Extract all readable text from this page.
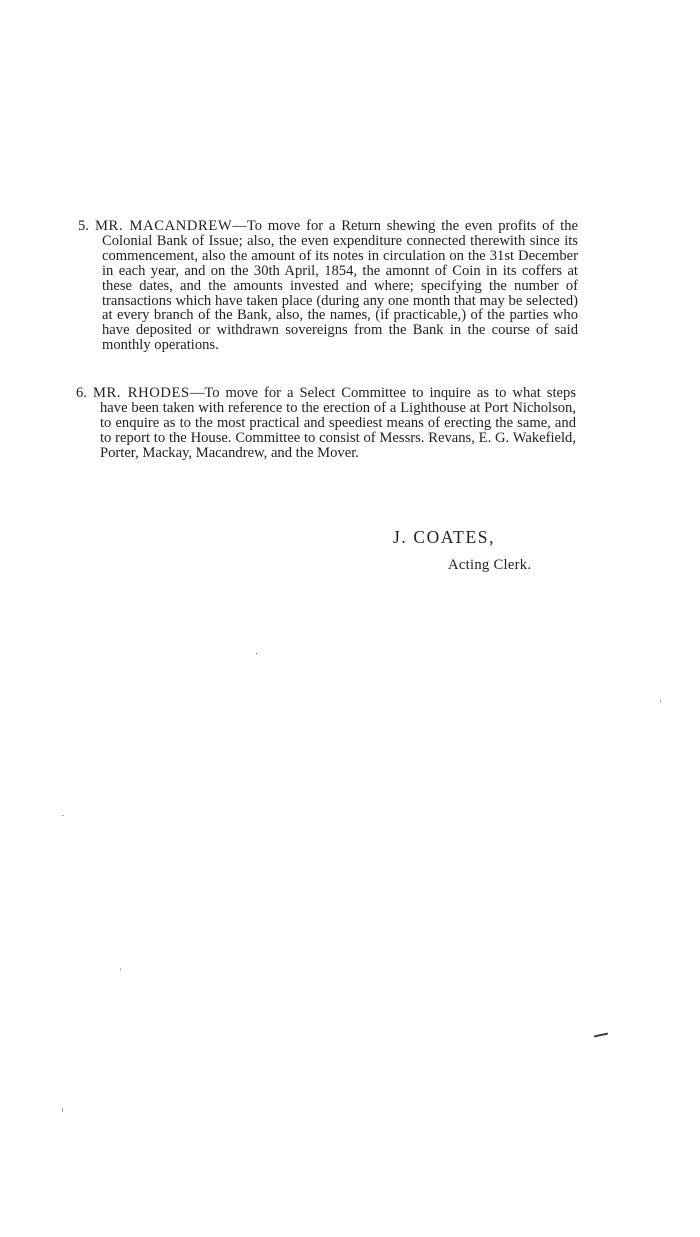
5. MR. MACANDREW—To move for a Return shewing the even profits of the Colonial Bank of Issue; also, the even expenditure connected therewith since its commencement, also the amount of its notes in circulation on the 31st December in each year, and on the 30th April, 1854, the amonnt of Coin in its coffers at these dates, and the amounts invested and where; specifying the number of transactions which have taken place (during any one month that may be selected) at every branch of the Bank, also, the names, (if practicable,) of the parties who have deposited or withdrawn sovereigns from the Bank in the course of said monthly operations.

6. MR. RHODES—To move for a Select Committee to inquire as to what steps have been taken with reference to the erection of a Lighthouse at Port Nicholson, to enquire as to the most practical and speediest means of erecting the same, and to report to the House. Committee to consist of Messrs. Revans, E. G. Wakefield, Porter, Mackay, Macandrew, and the Mover.

J. COATES,
Acting Clerk.
